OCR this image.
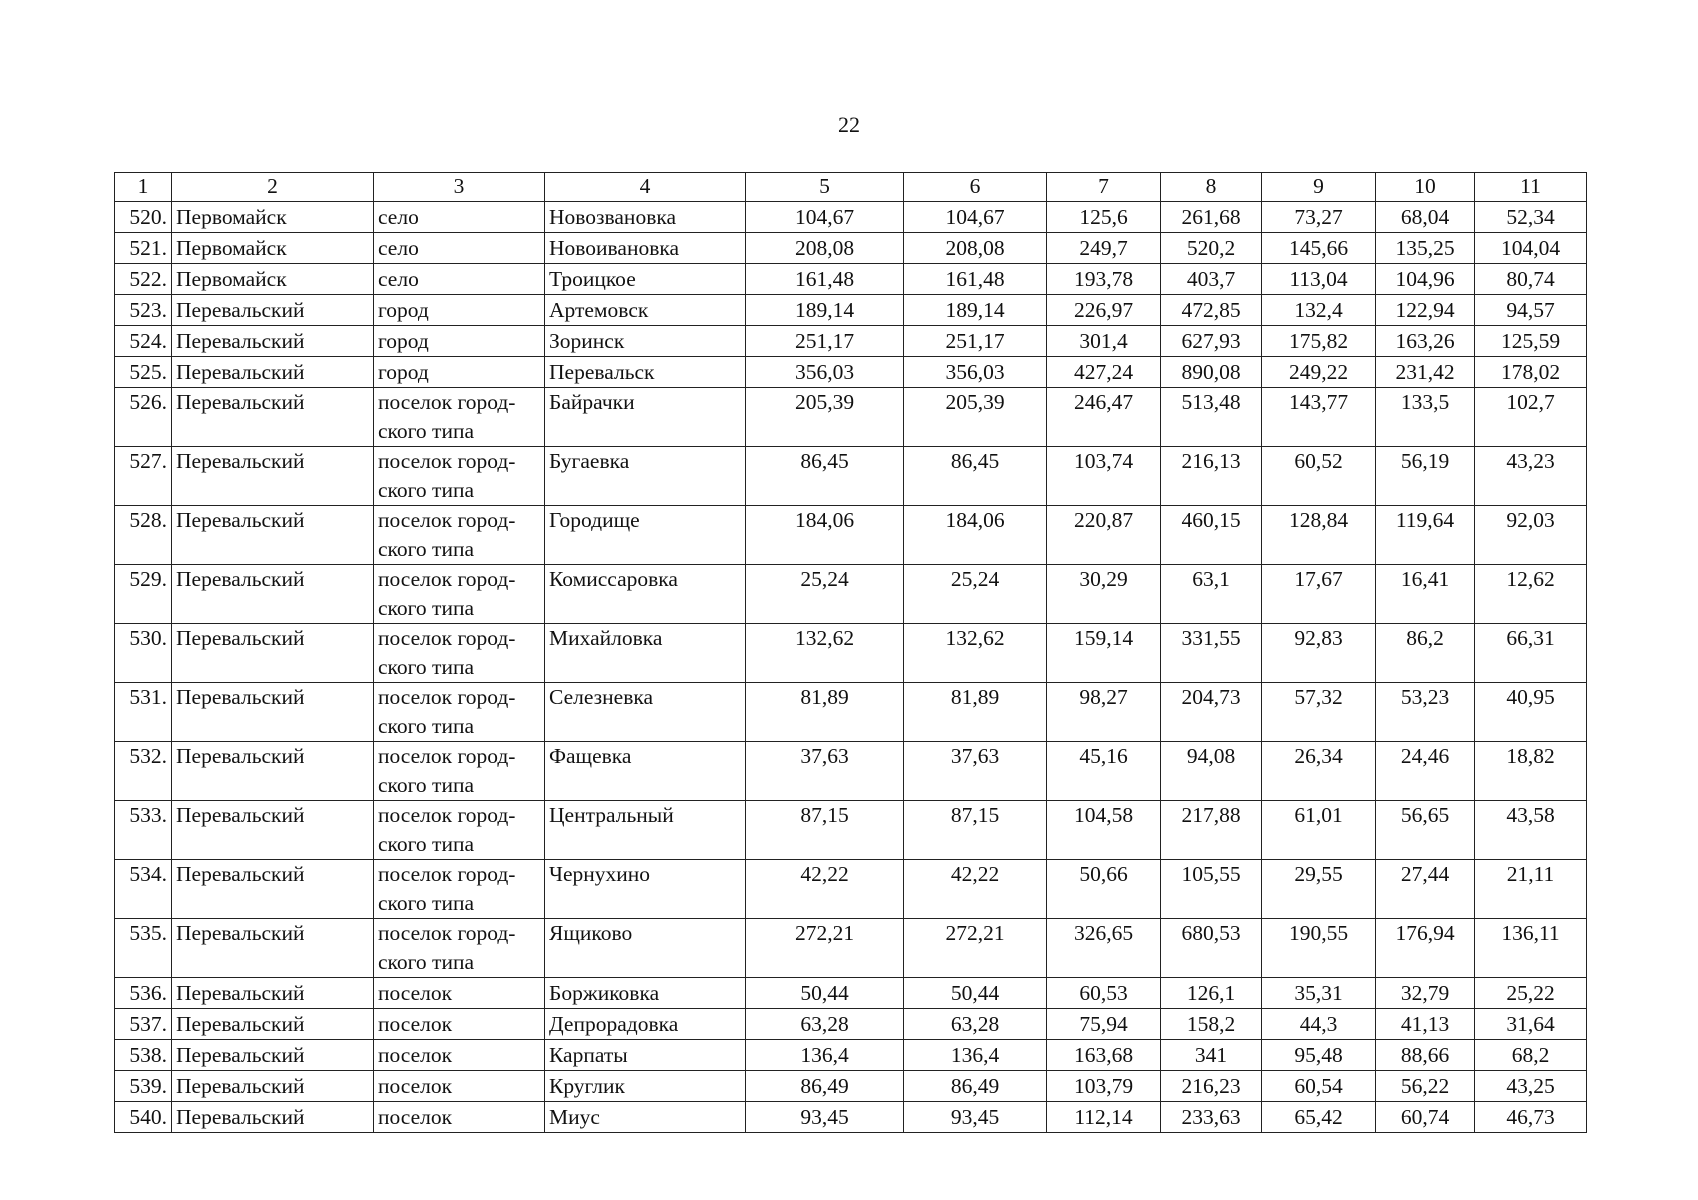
22
1	2	3	4	5	6	7	8	9	10	11
520.	Первомайск	село	Новозвановка	104,67	104,67	125,6	261,68	73,27	68,04	52,34
521.	Первомайск	село	Новоивановка	208,08	208,08	249,7	520,2	145,66	135,25	104,04
522.	Первомайск	село	Троицкое	161,48	161,48	193,78	403,7	113,04	104,96	80,74
523.	Перевальский	город	Артемовск	189,14	189,14	226,97	472,85	132,4	122,94	94,57
524.	Перевальский	город	Зоринск	251,17	251,17	301,4	627,93	175,82	163,26	125,59
525.	Перевальский	город	Перевальск	356,03	356,03	427,24	890,08	249,22	231,42	178,02
526.	Перевальский	поселок город-ского типа	Байрачки	205,39	205,39	246,47	513,48	143,77	133,5	102,7
527.	Перевальский	поселок город-ского типа	Бугаевка	86,45	86,45	103,74	216,13	60,52	56,19	43,23
528.	Перевальский	поселок город-ского типа	Городище	184,06	184,06	220,87	460,15	128,84	119,64	92,03
529.	Перевальский	поселок город-ского типа	Комиссаровка	25,24	25,24	30,29	63,1	17,67	16,41	12,62
530.	Перевальский	поселок город-ского типа	Михайловка	132,62	132,62	159,14	331,55	92,83	86,2	66,31
531.	Перевальский	поселок город-ского типа	Селезневка	81,89	81,89	98,27	204,73	57,32	53,23	40,95
532.	Перевальский	поселок город-ского типа	Фащевка	37,63	37,63	45,16	94,08	26,34	24,46	18,82
533.	Перевальский	поселок город-ского типа	Центральный	87,15	87,15	104,58	217,88	61,01	56,65	43,58
534.	Перевальский	поселок город-ского типа	Чернухино	42,22	42,22	50,66	105,55	29,55	27,44	21,11
535.	Перевальский	поселок город-ского типа	Ящиково	272,21	272,21	326,65	680,53	190,55	176,94	136,11
536.	Перевальский	поселок	Боржиковка	50,44	50,44	60,53	126,1	35,31	32,79	25,22
537.	Перевальский	поселок	Депрорадовка	63,28	63,28	75,94	158,2	44,3	41,13	31,64
538.	Перевальский	поселок	Карпаты	136,4	136,4	163,68	341	95,48	88,66	68,2
539.	Перевальский	поселок	Круглик	86,49	86,49	103,79	216,23	60,54	56,22	43,25
540.	Перевальский	поселок	Миус	93,45	93,45	112,14	233,63	65,42	60,74	46,73
